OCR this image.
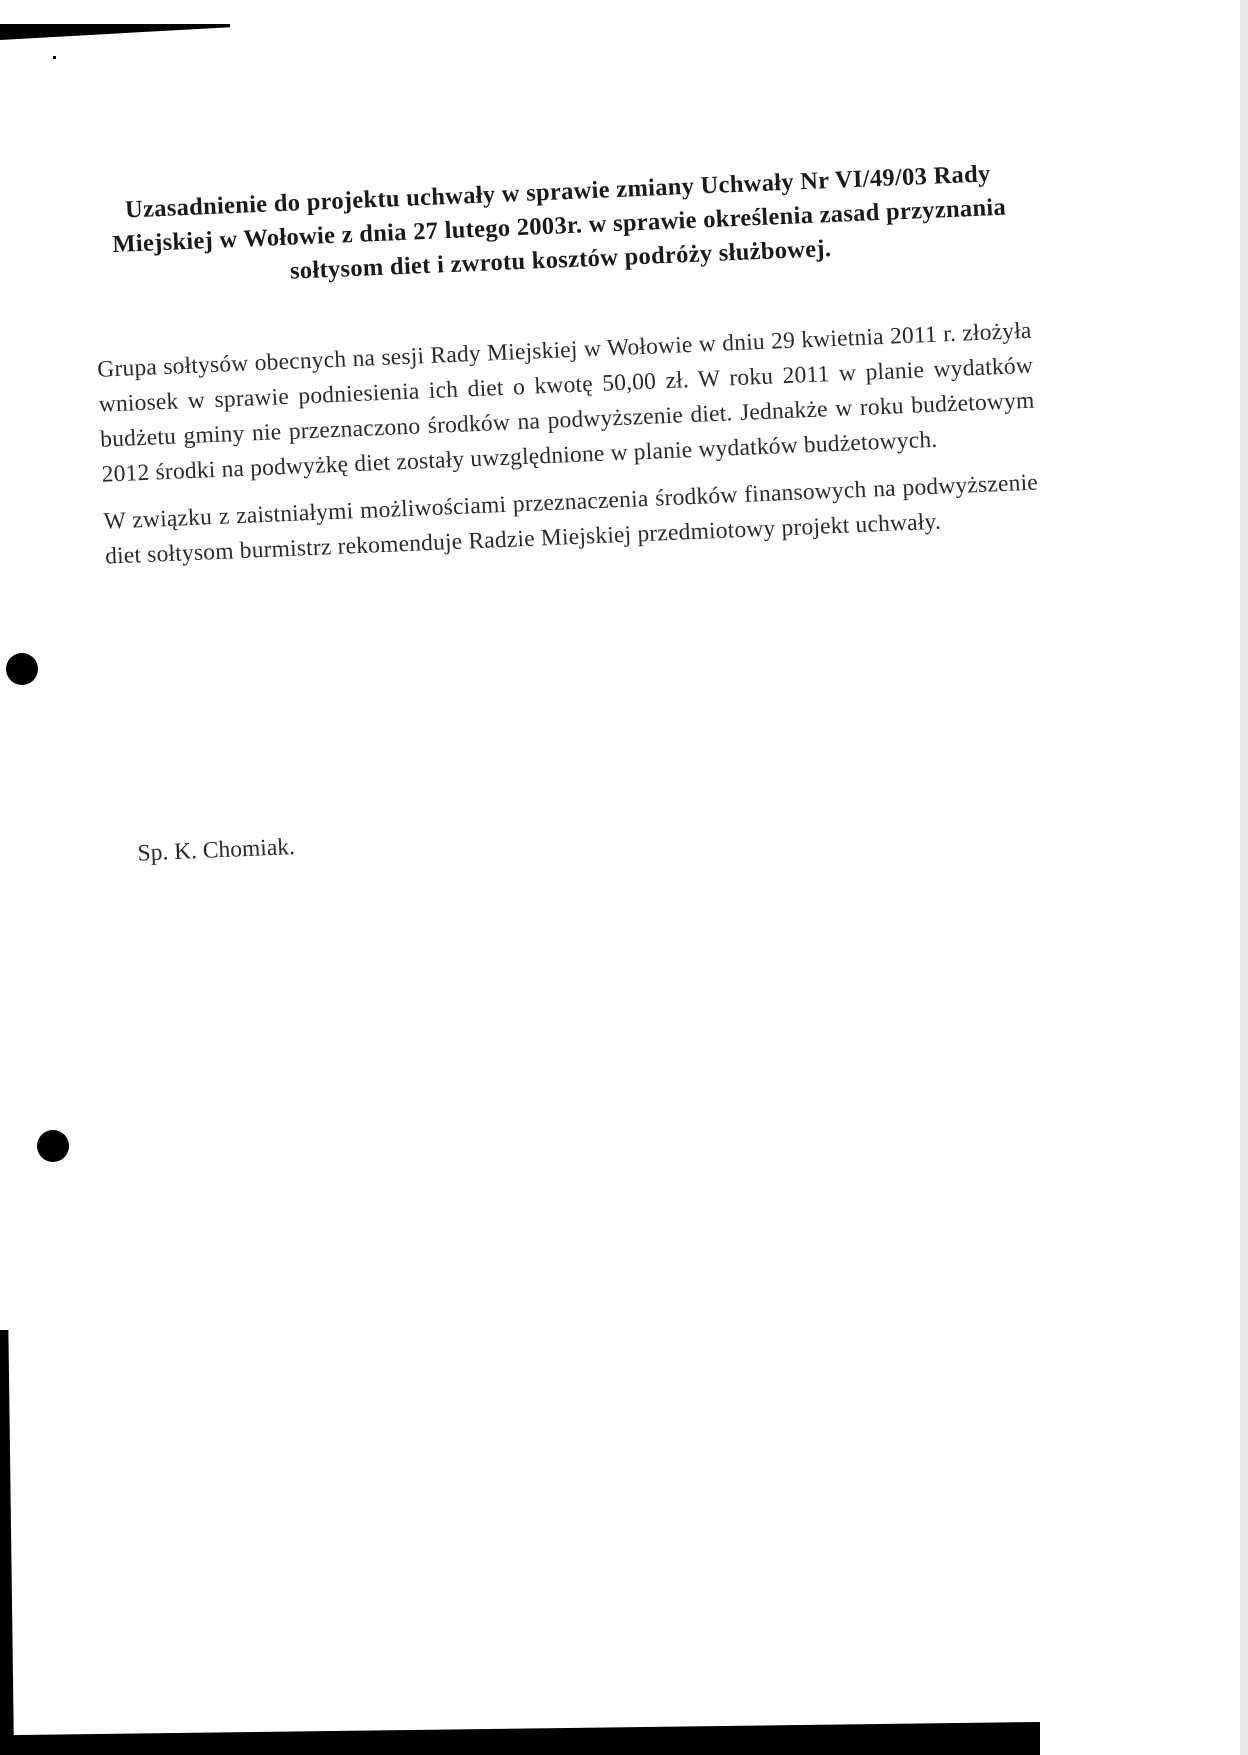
Uzasadnienie do projektu uchwały w sprawie zmiany Uchwały Nr VI/49/03 Rady Miejskiej w Wołowie z dnia 27 lutego 2003r. w sprawie określenia zasad przyznania sołtysom diet i zwrotu kosztów podróży służbowej.

Grupa sołtysów obecnych na sesji Rady Miejskiej w Wołowie w dniu 29 kwietnia 2011 r. złożyła wniosek w sprawie podniesienia ich diet o kwotę 50,00 zł. W roku 2011 w planie wydatków budżetu gminy nie przeznaczono środków na podwyższenie diet. Jednakże w roku budżetowym 2012 środki na podwyżkę diet zostały uwzględnione w planie wydatków budżetowych.

W związku z zaistniałymi możliwościami przeznaczenia środków finansowych na podwyższenie diet sołtysom burmistrz rekomenduje Radzie Miejskiej przedmiotowy projekt uchwały.

Sp. K. Chomiak.
